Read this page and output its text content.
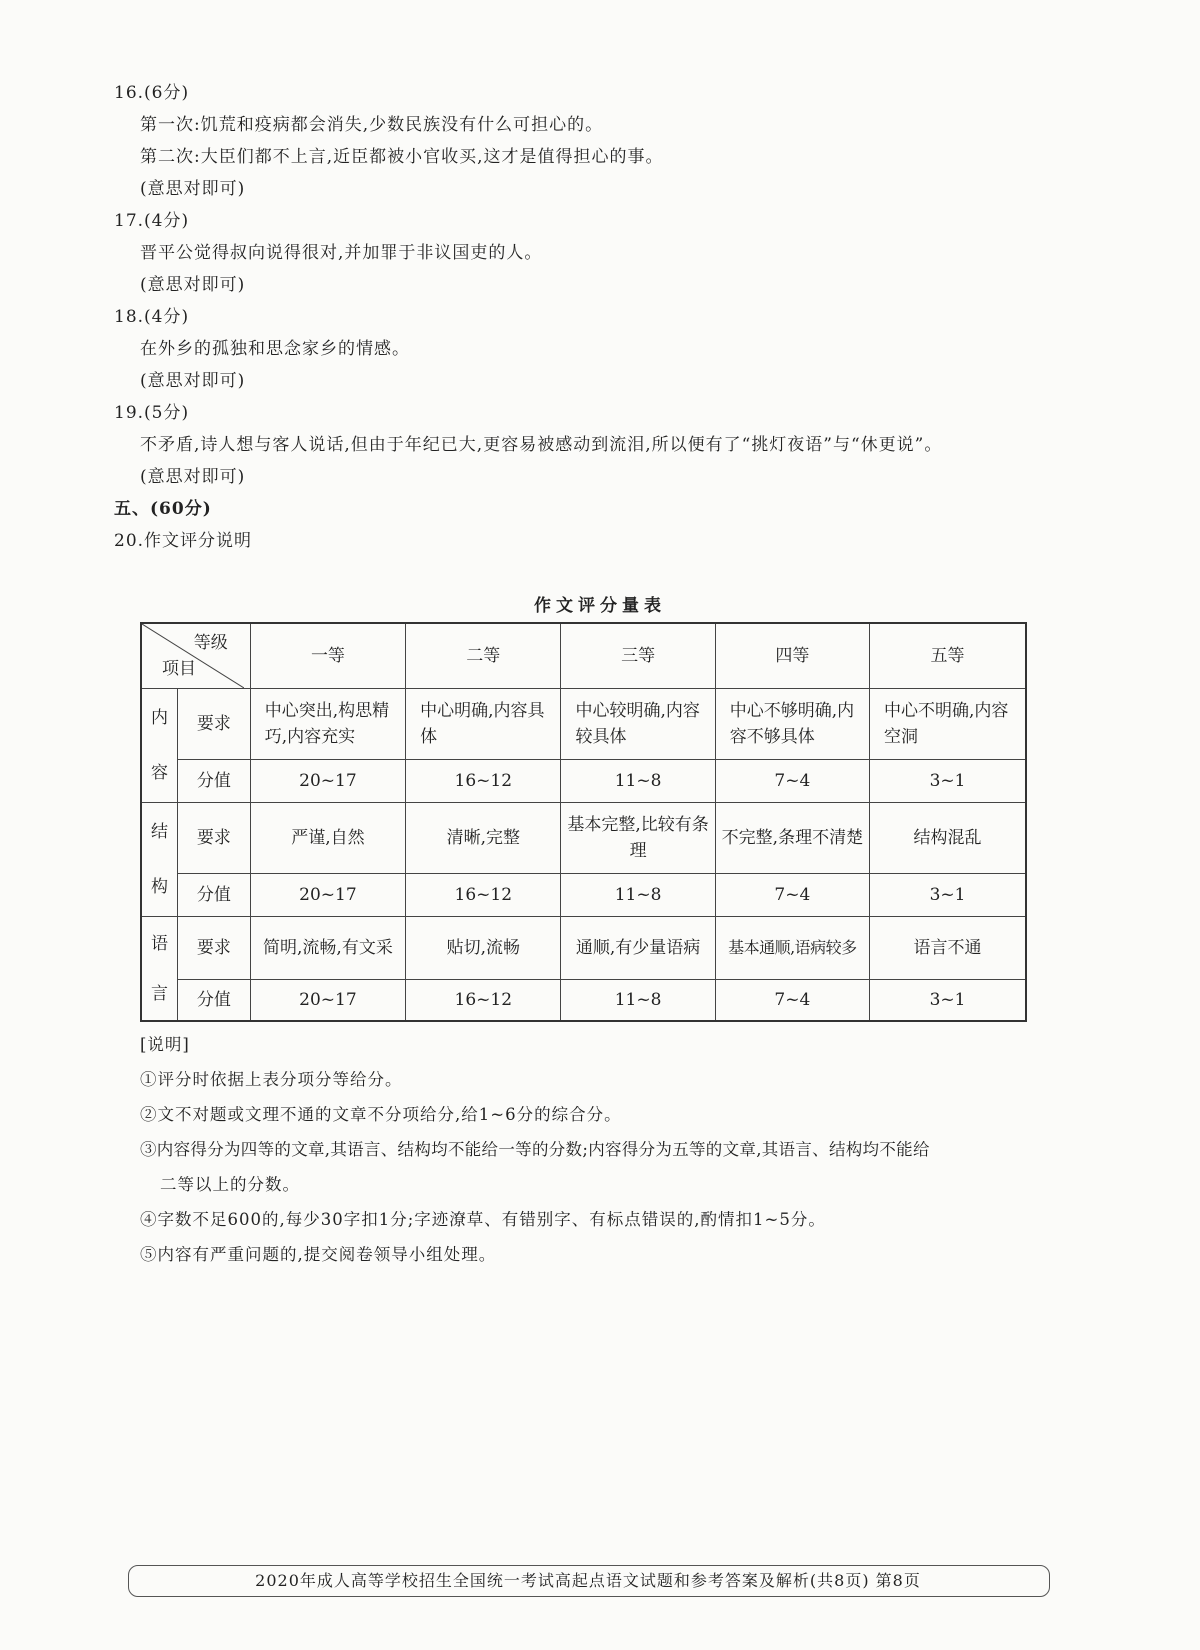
16.(6分)
第一次:饥荒和疫病都会消失,少数民族没有什么可担心的。
第二次:大臣们都不上言,近臣都被小官收买,这才是值得担心的事。
(意思对即可)
17.(4分)
晋平公觉得叔向说得很对,并加罪于非议国吏的人。
(意思对即可)
18.(4分)
在外乡的孤独和思念家乡的情感。
(意思对即可)
19.(5分)
不矛盾,诗人想与客人说话,但由于年纪已大,更容易被感动到流泪,所以便有了“挑灯夜语”与“休更说”。
(意思对即可)
五、(60分)
20.作文评分说明
作文评分量表
等级
项目		一等	二等	三等	四等	五等

内
容	要求	中心突出,构思精巧,内容充实	中心明确,内容具体	中心较明确,内容较具体	中心不够明确,内容不够具体	中心不明确,内容空洞
	分值	20~17	16~12	11~8	7~4	3~1

结
构	要求	严谨,自然	清晰,完整	基本完整,比较有条理	不完整,条理不清楚	结构混乱
	分值	20~17	16~12	11~8	7~4	3~1

语
言	要求	简明,流畅,有文采	贴切,流畅	通顺,有少量语病	基本通顺,语病较多	语言不通
	分值	20~17	16~12	11~8	7~4	3~1
[说明]
①评分时依据上表分项分等给分。
②文不对题或文理不通的文章不分项给分,给1~6分的综合分。
③内容得分为四等的文章,其语言、结构均不能给一等的分数;内容得分为五等的文章,其语言、结构均不能给
二等以上的分数。
④字数不足600的,每少30字扣1分;字迹潦草、有错别字、有标点错误的,酌情扣1~5分。
⑤内容有严重问题的,提交阅卷领导小组处理。
2020年成人高等学校招生全国统一考试高起点语文试题和参考答案及解析(共8页) 第8页
